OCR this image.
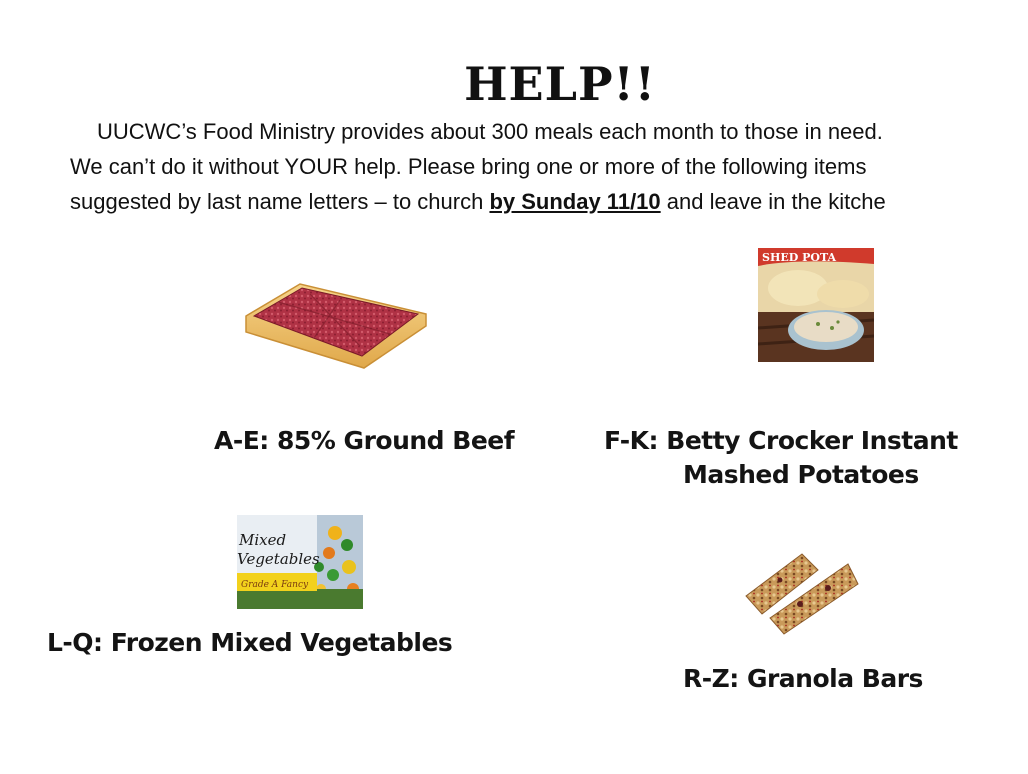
HELP!!
UUCWC’s Food Ministry provides about 300 meals each month to those in need.
We can’t do it without YOUR help. Please bring one or more of the following items
suggested by last name letters – to church by Sunday 11/10 and leave in the kitche
SHED POTA
Mixed
Vegetables
Grade A Fancy
A-E: 85% Ground Beef	F-K: Betty Crocker Instant
Mashed Potatoes
L-Q: Frozen Mixed Vegetables
R-Z: Granola Bars
